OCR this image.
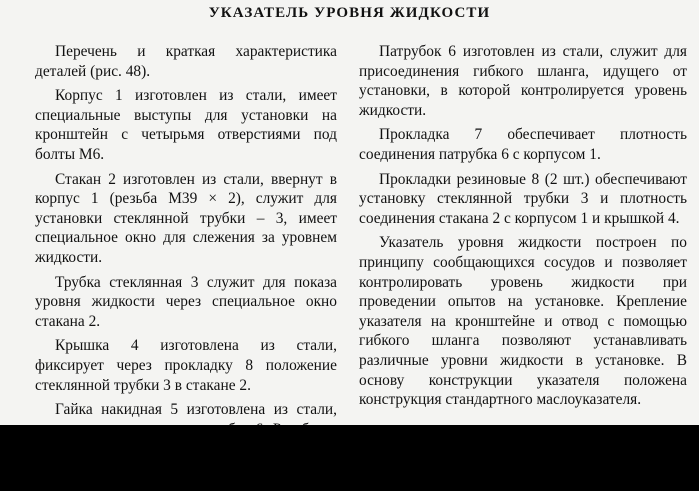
УКАЗАТЕЛЬ УРОВНЯ ЖИДКОСТИ

Перечень и краткая характеристика деталей (рис. 48).

Корпус 1 изготовлен из стали, имеет специальные выступы для установки на кронштейн с четырьмя отверстиями под болты М6.

Стакан 2 изготовлен из стали, ввернут в корпус 1 (резьба М39 × 2), служит для установки стеклянной трубки – 3, имеет специальное окно для слежения за уровнем жидкости.

Трубка стеклянная 3 служит для показа уровня жидкости через специальное окно стакана 2.

Крышка 4 изготовлена из стали, фиксирует через прокладку 8 положение стеклянной трубки 3 в стакане 2.

Гайка накидная 5 изготовлена из стали,

Патрубок 6 изготовлен из стали, служит для присоединения гибкого шланга, идущего от установки, в которой контролируется уровень жидкости.

Прокладка 7 обеспечивает плотность соединения патрубка 6 с корпусом 1.

Прокладки резиновые 8 (2 шт.) обеспечивают установку стеклянной трубки 3 и плотность соединения стакана 2 с корпусом 1 и крышкой 4.

Указатель уровня жидкости построен по принципу сообщающихся сосудов и позволяет контролировать уровень жидкости при проведении опытов на установке. Крепление указателя на кронштейне и отвод с помощью гибкого шланга позволяют устанавливать различные уровни жидкости в установке. В основу конструкции указателя положена конструкция стандартного маслоуказателя.
